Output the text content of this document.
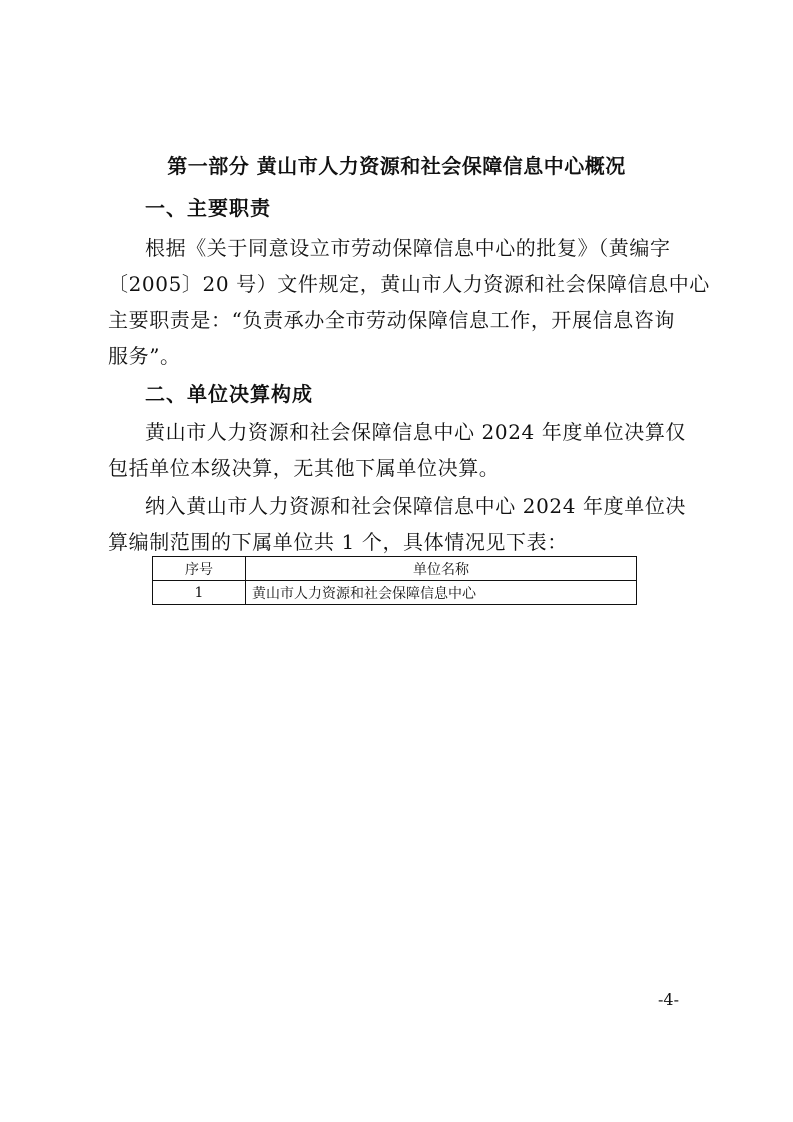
第一部分 黄山市人力资源和社会保障信息中心概况
一、主要职责
根据《关于同意设立市劳动保障信息中心的批复》（黄编字
〔2005〕20 号）文件规定，黄山市人力资源和社会保障信息中心
主要职责是：“负责承办全市劳动保障信息工作，开展信息咨询
服务”。
二、单位决算构成
黄山市人力资源和社会保障信息中心 2024 年度单位决算仅
包括单位本级决算，无其他下属单位决算。
纳入黄山市人力资源和社会保障信息中心 2024 年度单位决
算编制范围的下属单位共 1 个，具体情况见下表：
序号	单位名称
1	黄山市人力资源和社会保障信息中心
-4-
